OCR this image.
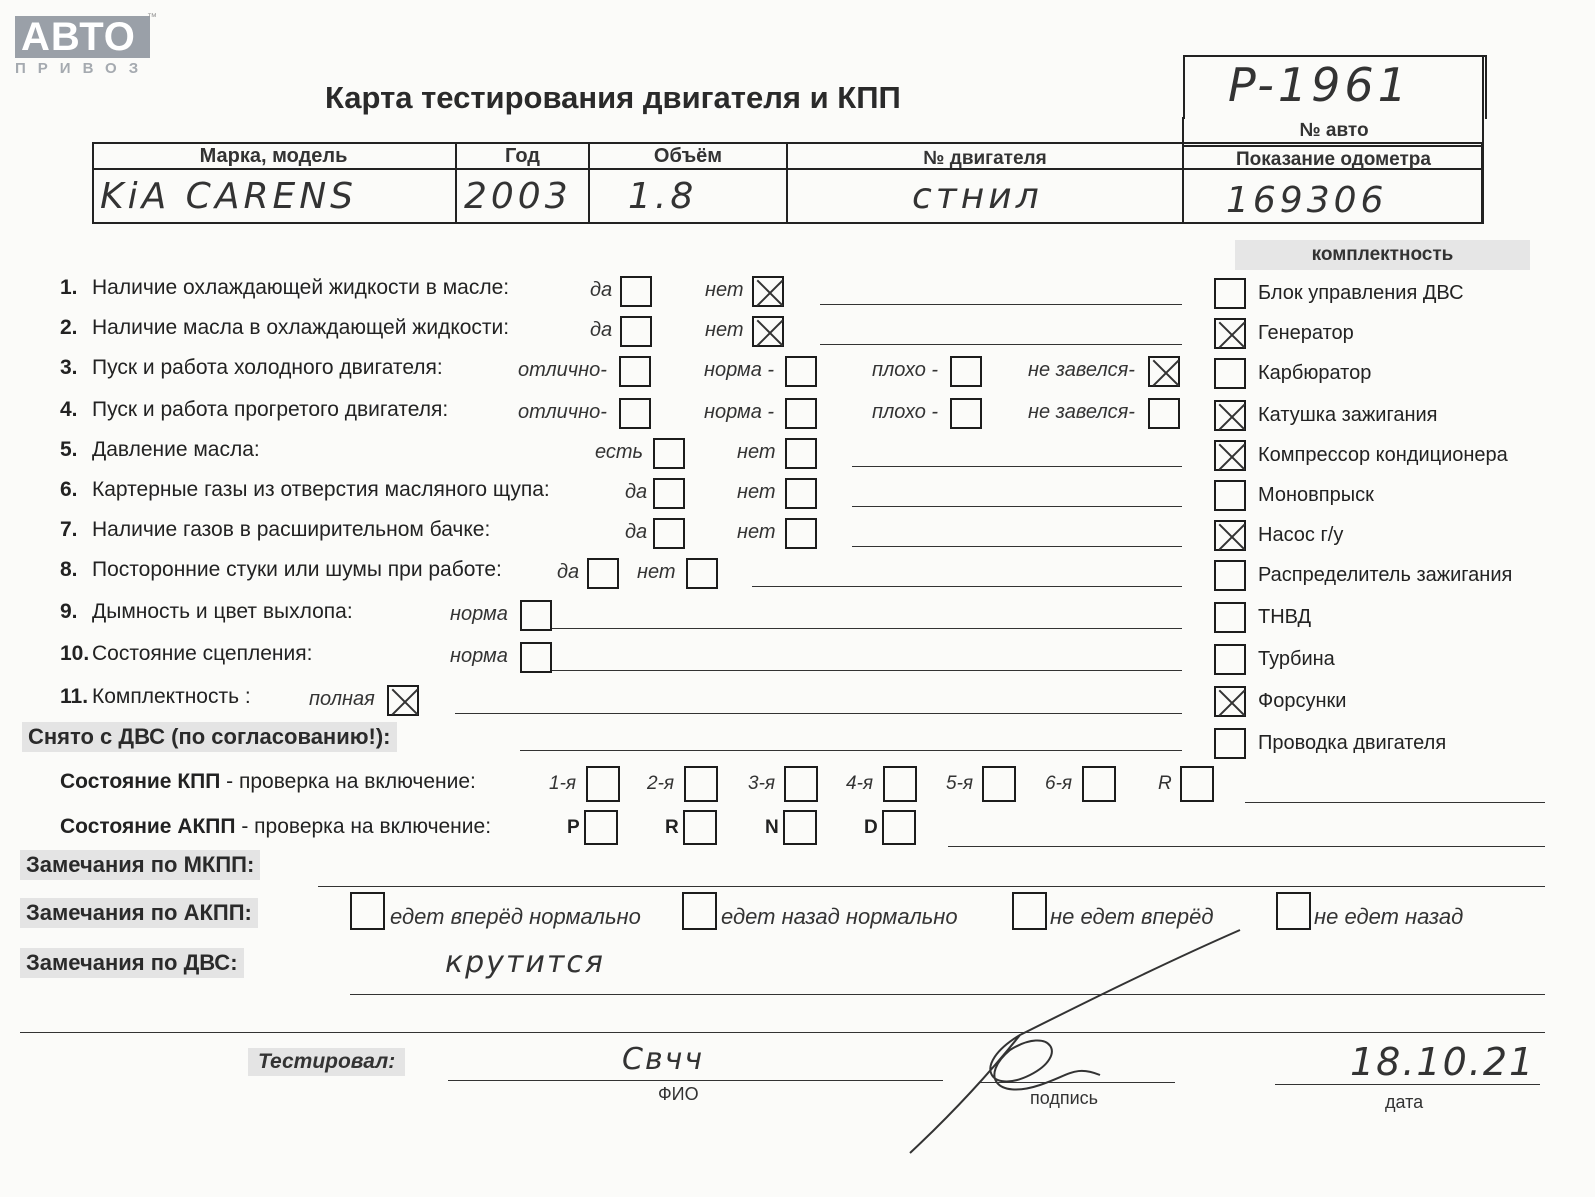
АВТО
ПРИВОЗ
™
Карта тестирования двигателя и КПП	P-1961
№ авто
Марка, модель	Год	Объём	№ двигателя	Показание одометра
KiA CARENS	2003 1.8	стнил	169306
комплектность
Блок управления ДВС
Генератор
Карбюратор
Катушка зажигания
Компрессор кондиционера
Моновпрыск
Насос г/у
Распределитель зажигания
ТНВД
Турбина
Форсунки
Проводка двигателя
1. Наличие охлаждающей жидкости в масле:	да	нет
2. Наличие масла в охлаждающей жидкости:	да	нет
3. Пуск и работа холодного двигателя:	отлично-	норма -	плохо -	не завелся-
4. Пуск и работа прогретого двигателя:	отлично-	норма -	плохо -	не завелся-
5. Давление масла:	есть	нет
6. Картерные газы из отверстия масляного щупа:	да	нет
7. Наличие газов в расширительном бачке:	да	нет
8. Посторонние стуки или шумы при работе:	да	нет
9. Дымность и цвет выхлопа:	норма
10. Состояние сцепления:	норма
11. Комплектность :	полная
Снято с ДВС (по согласованию!):
Состояние КПП - проверка на включение:	1-я	2-я	3-я	4-я	5-я	6-я	R
Состояние АКПП - проверка на включение:	P	R	N	D
Замечания по МКПП:
Замечания по АКПП:	едет вперёд нормально	едет назад нормально	не едет вперёд	не едет назад
Замечания по ДВС:	крутится
Тестировал:	Свчч
ФИО	подпись
18.10.21
дата
